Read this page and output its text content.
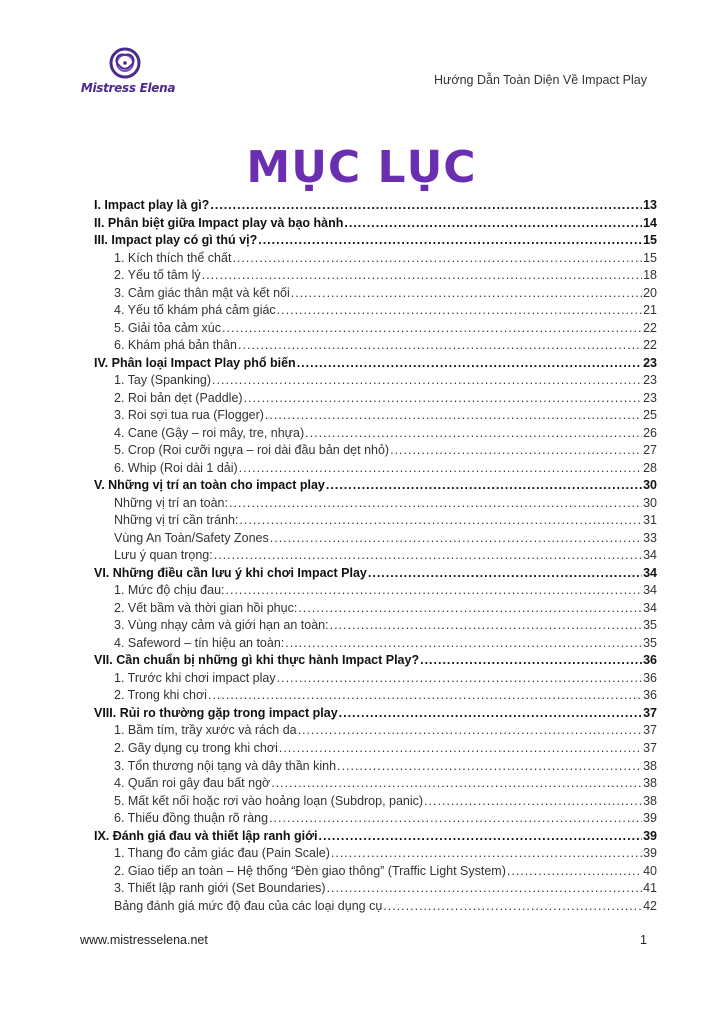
Mistress Elena
Hướng Dẫn Toàn Diện Về Impact Play
MỤC LỤC
I. Impact play là gì? .....	13
II. Phân biệt giữa Impact play và bạo hành .....	14
III. Impact play có gì thú vị? .....	15
1. Kích thích thể chất .....	15
2. Yếu tố tâm lý .....	18
3. Cảm giác thân mật và kết nối .....	20
4. Yếu tố khám phá cảm giác .....	21
5. Giải tỏa cảm xúc .....	22
6. Khám phá bản thân .....	22
IV. Phân loại Impact Play phổ biến .....	23
1. Tay (Spanking) .....	23
2. Roi bản dẹt (Paddle) .....	23
3. Roi sợi tua rua (Flogger) .....	25
4. Cane (Gậy – roi mây, tre, nhựa) .....	26
5. Crop (Roi cưỡi ngựa – roi dài đầu bản dẹt nhỏ) .....	27
6. Whip (Roi dài 1 dải) .....	28
V. Những vị trí an toàn cho impact play .....	30
Những vị trí an toàn: .....	30
Những vị trí cần tránh: .....	31
Vùng An Toàn/Safety Zones .....	33
Lưu ý quan trọng: .....	34
VI. Những điều cần lưu ý khi chơi Impact Play .....	34
1. Mức độ chịu đau: .....	34
2. Vết bầm và thời gian hồi phục: .....	34
3. Vùng nhạy cảm và giới hạn an toàn: .....	35
4. Safeword – tín hiệu an toàn: .....	35
VII. Cần chuẩn bị những gì khi thực hành Impact Play? .....	36
1. Trước khi chơi impact play .....	36
2. Trong khi chơi .....	36
VIII. Rủi ro thường gặp trong impact play .....	37
1. Bầm tím, trầy xước và rách da .....	37
2. Gãy dụng cụ trong khi chơi .....	37
3. Tổn thương nội tạng và dây thần kinh .....	38
4. Quấn roi gây đau bất ngờ .....	38
5. Mất kết nối hoặc rơi vào hoảng loạn (Subdrop, panic) .....	38
6. Thiếu đồng thuận rõ ràng .....	39
IX. Đánh giá đau và thiết lập ranh giới .....	39
1. Thang đo cảm giác đau (Pain Scale) .....	39
2. Giao tiếp an toàn – Hệ thống “Đèn giao thông” (Traffic Light System) .....	40
3. Thiết lập ranh giới (Set Boundaries) .....	41
Bảng đánh giá mức độ đau của các loại dụng cụ .....	42
www.mistresselena.net	1
